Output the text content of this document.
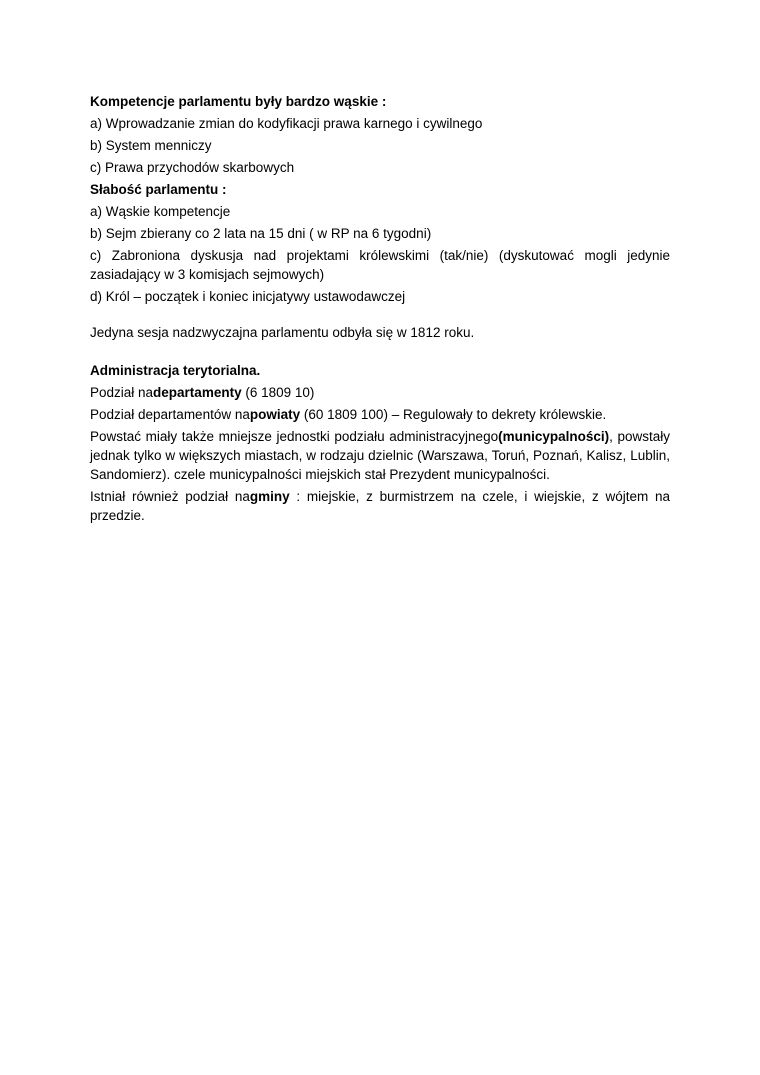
Kompetencje parlamentu były bardzo wąskie :
a) Wprowadzanie zmian do kodyfikacji prawa karnego i cywilnego
b) System menniczy
c) Prawa przychodów skarbowych
Słabość parlamentu :
a) Wąskie kompetencje
b) Sejm zbierany co 2 lata na 15 dni ( w RP na 6 tygodni)
c) Zabroniona dyskusja nad projektami królewskimi (tak/nie) (dyskutować mogli jedynie zasiadający w 3 komisjach sejmowych)
d) Król – początek i koniec inicjatywy ustawodawczej
Jedyna sesja nadzwyczajna parlamentu odbyła się w 1812 roku.
Administracja terytorialna.
Podział nadepartamenty (6 1809 10)
Podział departamentów napowiaty (60 1809 100) – Regulowały to dekrety królewskie.
Powstać miały także mniejsze jednostki podziału administracyjnego(municypalności), powstały jednak tylko w większych miastach, w rodzaju dzielnic (Warszawa, Toruń, Poznań, Kalisz, Lublin, Sandomierz). czele municypalności miejskich stał Prezydent municypalności.
Istniał również podział nagminy : miejskie, z burmistrzem na czele, i wiejskie, z wójtem na przedzie.
